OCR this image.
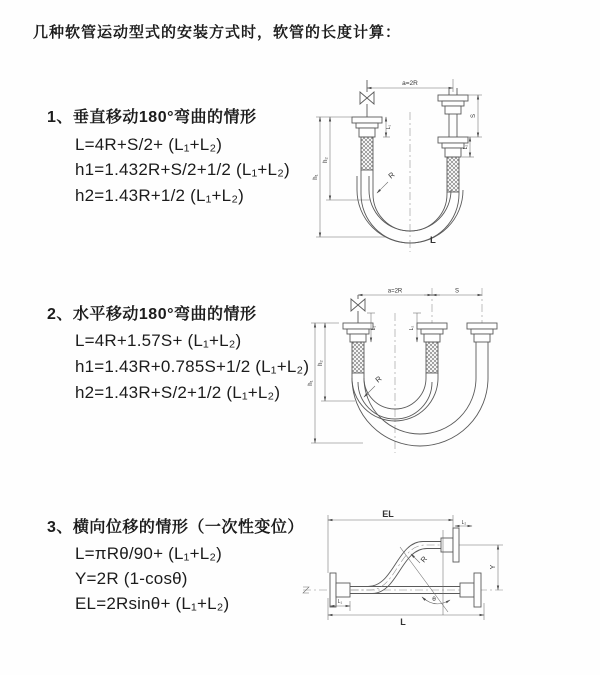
几种软管运动型式的安装方式时，软管的长度计算：
1、垂直移动180°弯曲的情形
L=4R+S/2+ (L₁+L₂)
h1=1.432R+S/2+1/2 (L₁+L₂)
h2=1.43R+1/2 (L₁+L₂)
2、水平移动180°弯曲的情形
L=4R+1.57S+ (L₁+L₂)
h1=1.43R+0.785S+1/2 (L₁+L₂)
h2=1.43R+S/2+1/2 (L₁+L₂)
3、横向位移的情形（一次性变位）
L=πRθ/90+ (L₁+L₂)
Y=2R (1-cosθ)
EL=2Rsinθ+ (L₁+L₂)
a=2R
h₁
h₂
L₁
S
L₂
R
L
a=2R	S
h₁
h₂
L₁	L₂
R
EL
L₂
Y
L
L₁
R
θ
